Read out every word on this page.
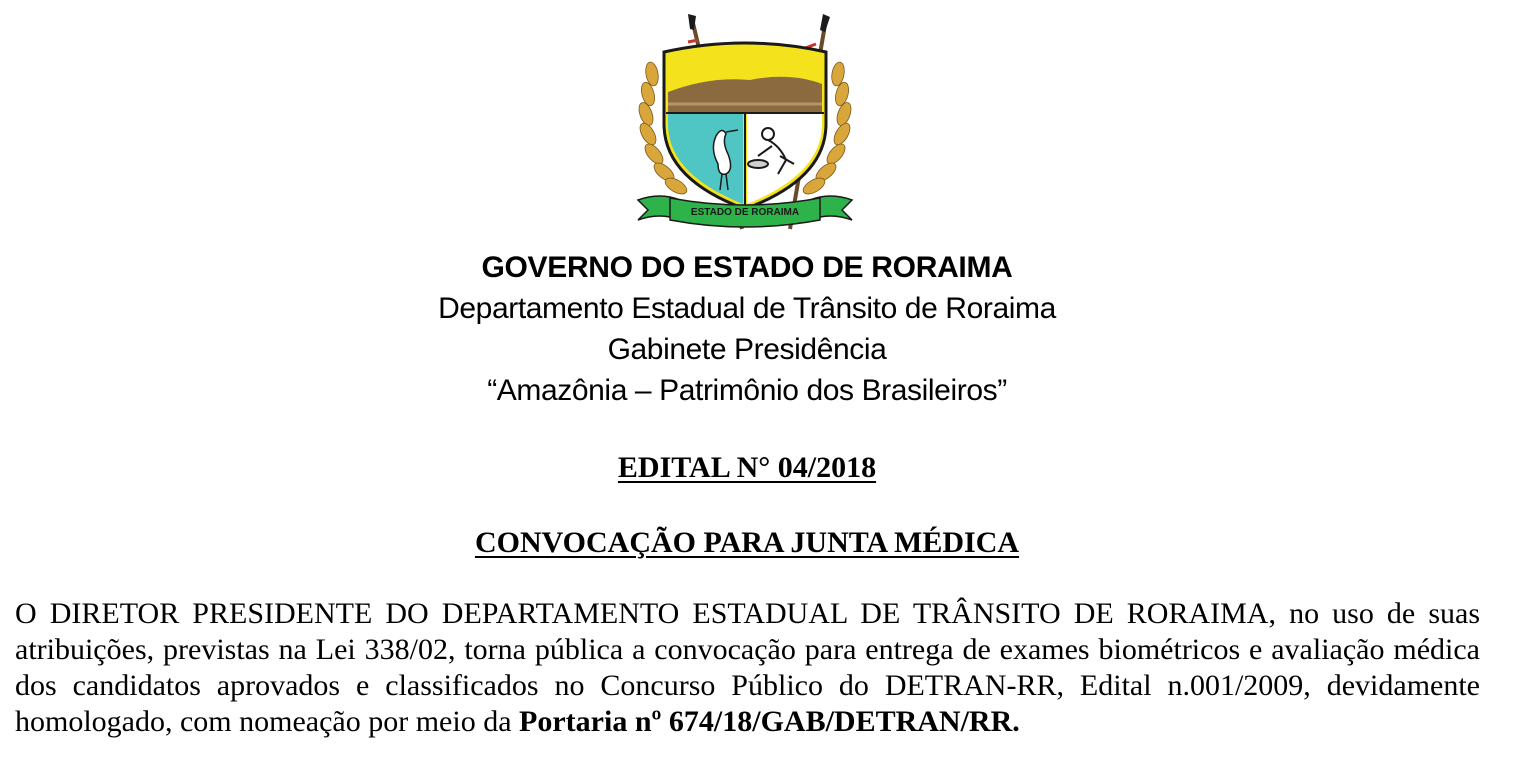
ESTADO DE RORAIMA
GOVERNO DO ESTADO DE RORAIMA
Departamento Estadual de Trânsito de Roraima
Gabinete Presidência
“Amazônia – Patrimônio dos Brasileiros”
EDITAL N° 04/2018
CONVOCAÇÃO PARA JUNTA MÉDICA
O DIRETOR PRESIDENTE DO DEPARTAMENTO ESTADUAL DE TRÂNSITO DE RORAIMA, no uso de suas atribuições, previstas na Lei 338/02, torna pública a convocação para entrega de exames biométricos e avaliação médica dos candidatos aprovados e classificados no Concurso Público do DETRAN-RR, Edital n.001/2009, devidamente homologado, com nomeação por meio da Portaria nº 674/18/GAB/DETRAN/RR.
